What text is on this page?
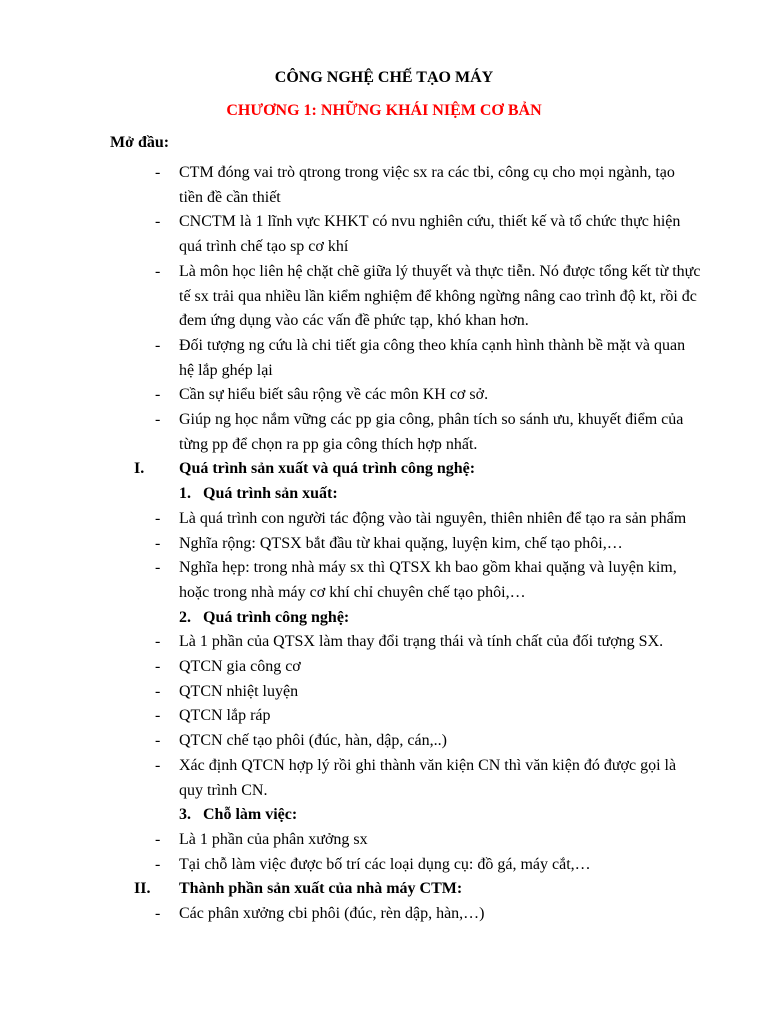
CÔNG NGHỆ CHẾ TẠO MÁY
CHƯƠNG 1: NHỮNG KHÁI NIỆM CƠ BẢN
Mở đầu:
- CTM đóng vai trò qtrong trong việc sx ra các tbi, công cụ cho mọi ngành, tạo tiền đề cần thiết
- CNCTM là 1 lĩnh vực KHKT có nvu nghiên cứu, thiết kế và tổ chức thực hiện quá trình chế tạo sp cơ khí
- Là môn học liên hệ chặt chẽ giữa lý thuyết và thực tiễn. Nó được tổng kết từ thực tế sx trải qua nhiều lần kiểm nghiệm để không ngừng nâng cao trình độ kt, rồi đc đem ứng dụng vào các vấn đề phức tạp, khó khan hơn.
- Đối tượng ng cứu là chi tiết gia công theo khía cạnh hình thành bề mặt và quan hệ lắp ghép lại
- Cần sự hiểu biết sâu rộng về các môn KH cơ sở.
- Giúp ng học nắm vững các pp gia công, phân tích so sánh ưu, khuyết điểm của từng pp để chọn ra pp gia công thích hợp nhất.
I. Quá trình sản xuất và quá trình công nghệ:
1. Quá trình sản xuất:
- Là quá trình con người tác động vào tài nguyên, thiên nhiên để tạo ra sản phẩm
- Nghĩa rộng: QTSX bắt đầu từ khai quặng, luyện kim, chế tạo phôi,…
- Nghĩa hẹp: trong nhà máy sx thì QTSX kh bao gồm khai quặng và luyện kim, hoặc trong nhà máy cơ khí chỉ chuyên chế tạo phôi,…
2. Quá trình công nghệ:
- Là 1 phần của QTSX làm thay đổi trạng thái và tính chất của đối tượng SX.
- QTCN gia công cơ
- QTCN nhiệt luyện
- QTCN lắp ráp
- QTCN chế tạo phôi (đúc, hàn, dập, cán,..)
- Xác định QTCN hợp lý rồi ghi thành văn kiện CN thì văn kiện đó được gọi là quy trình CN.
3. Chỗ làm việc:
- Là 1 phần của phân xưởng sx
- Tại chỗ làm việc được bố trí các loại dụng cụ: đồ gá, máy cắt,…
II. Thành phần sản xuất của nhà máy CTM:
- Các phân xưởng cbi phôi (đúc, rèn dập, hàn,…)
